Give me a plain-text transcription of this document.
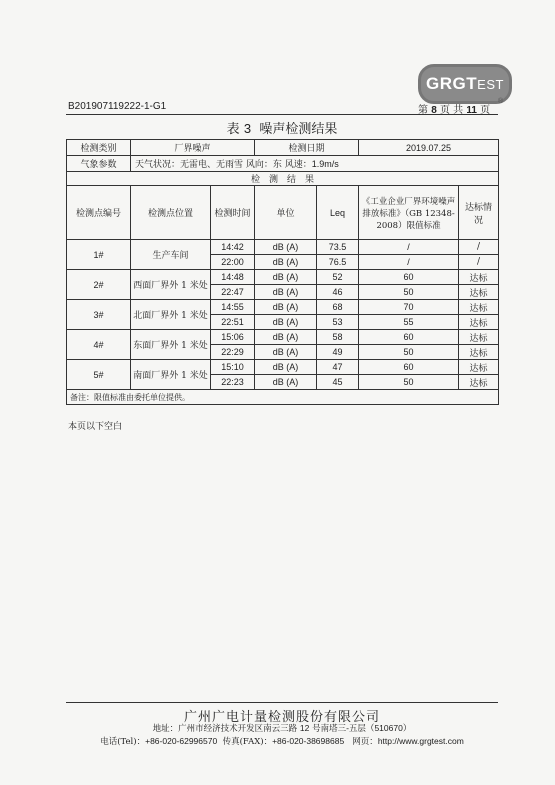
GRGTEST
®
B201907119222-1-G1	第 8 页 共 11 页
表 3 噪声检测结果
检测类别	厂界噪声		检测日期		2019.07.25	
气象参数	天气状况：无雷电、无雨雪 风向：东 风速：1.9m/s					
检　测　结　果						
检测点编号	检测点位置	检测时间	单位	Leq	《工业企业厂界环境噪声排放标准》（GB 12348-2008）限值标准	达标情况
1#	生产车间	14:42	dB (A)	73.5	/	/
		22:00	dB (A)	76.5	/	/
2#	西面厂界外 1 米处	14:48	dB (A)	52	60	达标
		22:47	dB (A)	46	50	达标
3#	北面厂界外 1 米处	14:55	dB (A)	68	70	达标
		22:51	dB (A)	53	55	达标
4#	东面厂界外 1 米处	15:06	dB (A)	58	60	达标
		22:29	dB (A)	49	50	达标
5#	南面厂界外 1 米处	15:10	dB (A)	47	60	达标
		22:23	dB (A)	45	50	达标
备注：限值标准由委托单位提供。						
本页以下空白
广州广电计量检测股份有限公司
地址：广州市经济技术开发区南云三路 12 号南塔三-五层（510670）
电话(Tel)：+86-020-62996570 传真(FAX)：+86-020-38698685 网页：http://www.grgtest.com
